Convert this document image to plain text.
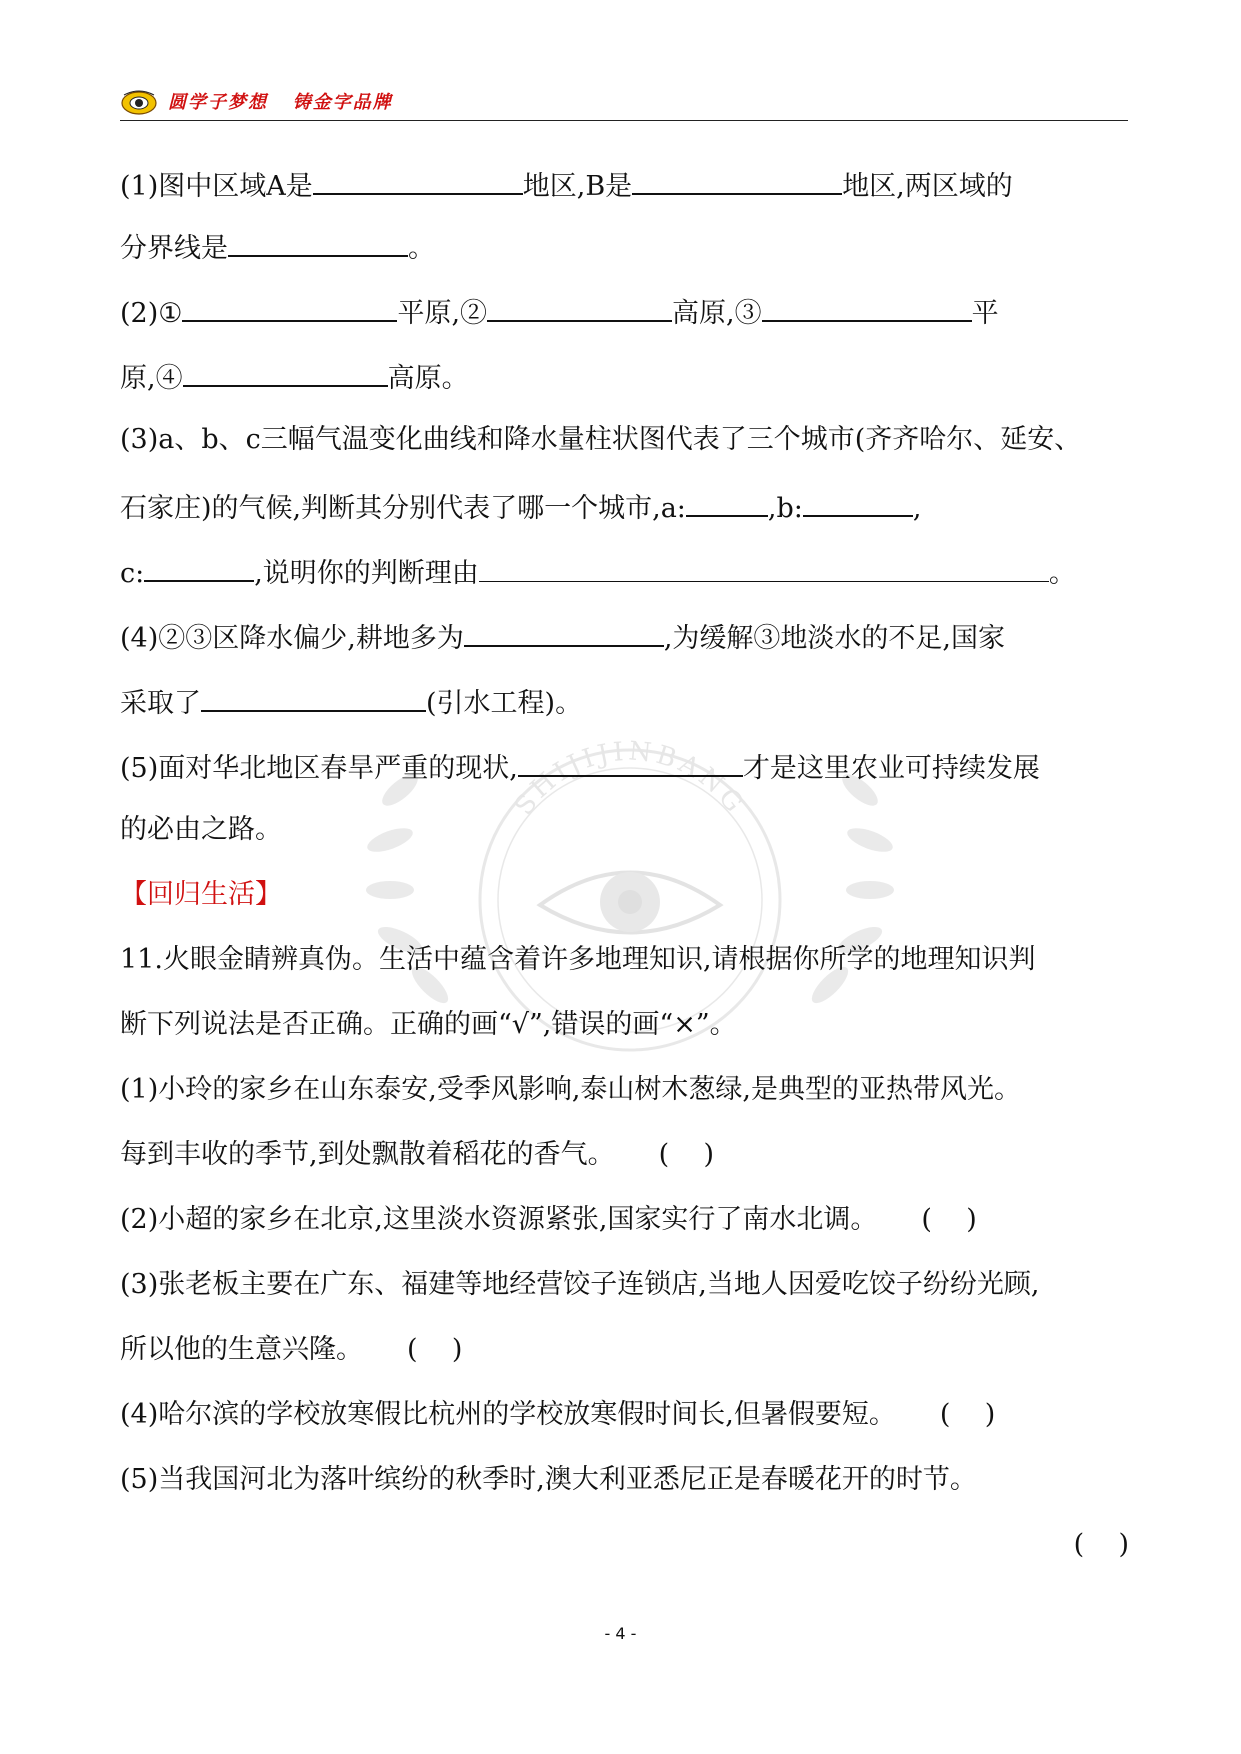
圆学子梦想   铸金字品牌
SHIJIJINBANG
(1)图中区域A是	地区,B是	地区,两区域的
分界线是	。
(2)①	平原,②	高原,③	平
原,④	高原。
(3)a、b、c三幅气温变化曲线和降水量柱状图代表了三个城市(齐齐哈尔、延安、
石家庄)的气候,判断其分别代表了哪一个城市,a:	,b:	,
c:	,说明你的判断理由	。
(4)②③区降水偏少,耕地多为	,为缓解③地淡水的不足,国家
采取了	(引水工程)。
(5)面对华北地区春旱严重的现状,	才是这里农业可持续发展
的必由之路。
【回归生活】
11.火眼金睛辨真伪。生活中蕴含着许多地理知识,请根据你所学的地理知识判
断下列说法是否正确。正确的画“√”,错误的画“×”。
(1)小玲的家乡在山东泰安,受季风影响,泰山树木葱绿,是典型的亚热带风光。
每到丰收的季节,到处飘散着稻花的香气。 (    )
(2)小超的家乡在北京,这里淡水资源紧张,国家实行了南水北调。 (    )
(3)张老板主要在广东、福建等地经营饺子连锁店,当地人因爱吃饺子纷纷光顾,
所以他的生意兴隆。 (    )
(4)哈尔滨的学校放寒假比杭州的学校放寒假时间长,但暑假要短。 (    )
(5)当我国河北为落叶缤纷的秋季时,澳大利亚悉尼正是春暖花开的时节。
(    )
- 4 -
